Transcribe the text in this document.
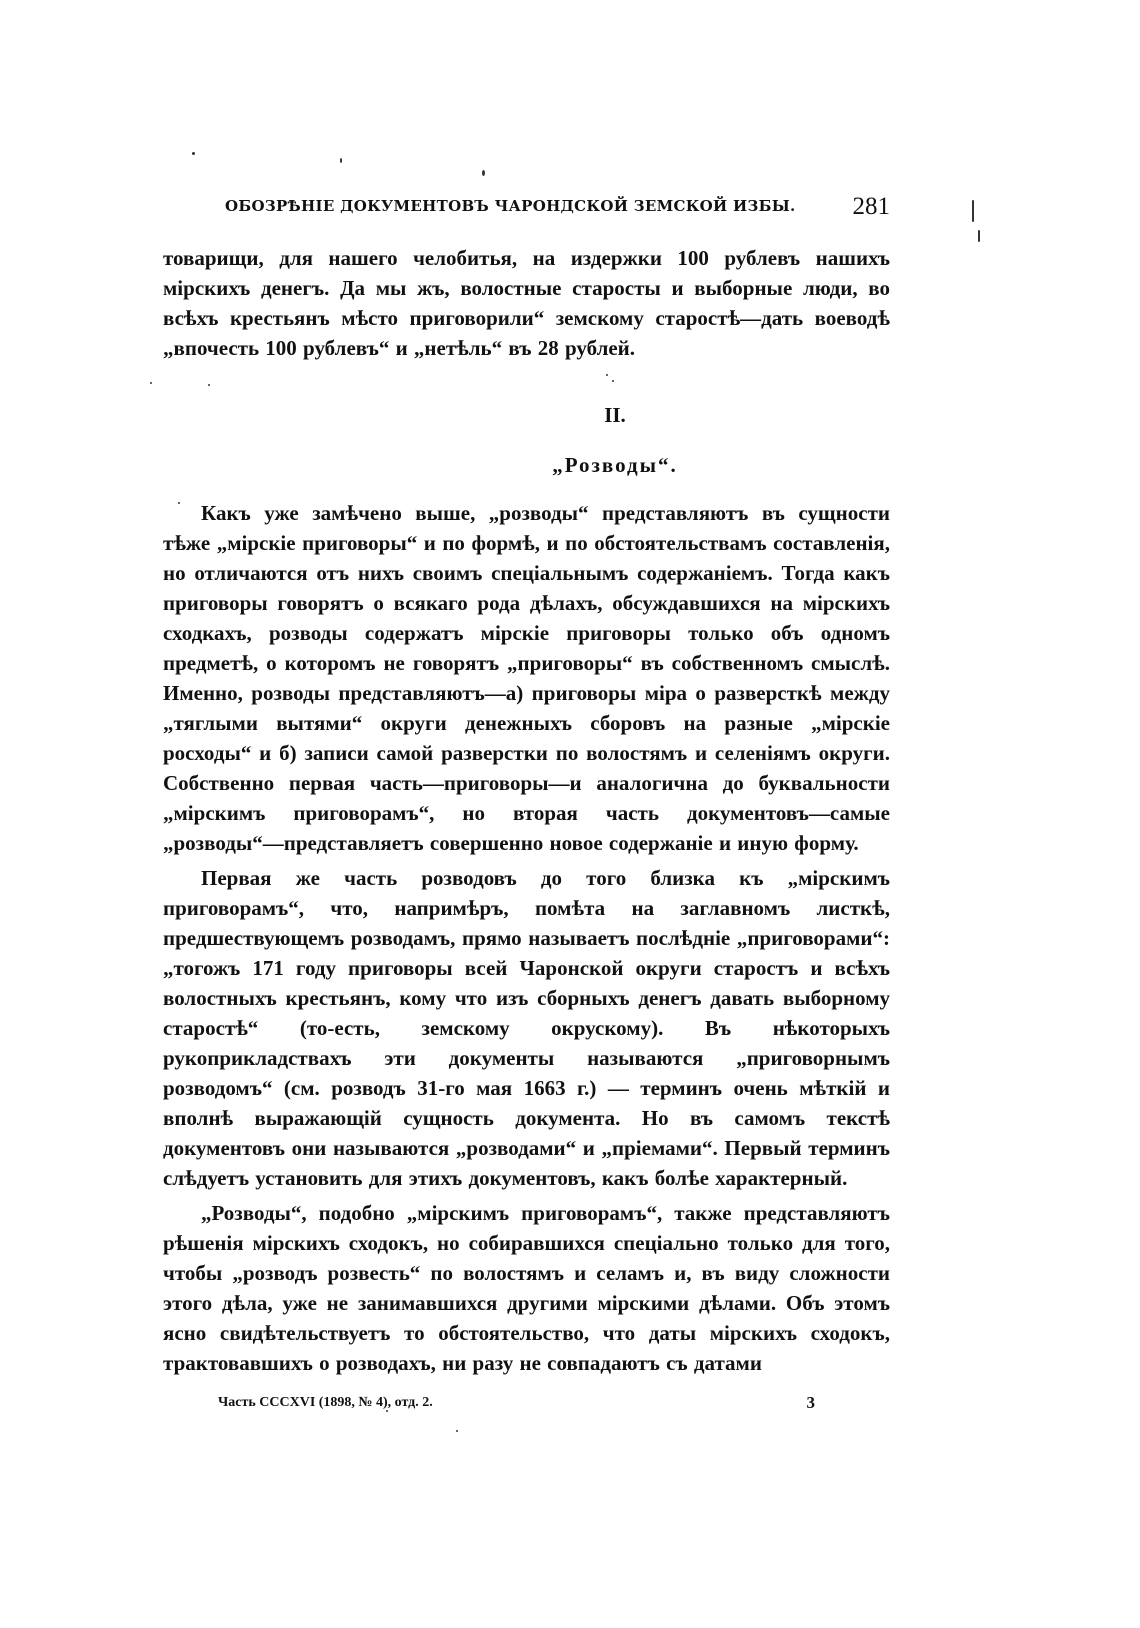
ОБОЗРѢНІЕ ДОКУМЕНТОВЪ ЧАРОНДСКОЙ ЗЕМСКОЙ ИЗБЫ. 281

товарищи, для нашего челобитья, на издержки 100 рублевъ нашихъ мірскихъ денегъ. Да мы жъ, волостные старосты и выборные люди, во всѣхъ крестьянъ мѣсто приговорили“ земскому старостѣ—дать воеводѣ „впочесть 100 рублевъ“ и „нетѣль“ въ 28 рублей.

II.
„Розводы“.

Какъ уже замѣчено выше, „розводы“ представляютъ въ сущности тѣже „мірскіе приговоры“ и по формѣ, и по обстоятельствамъ составленія, но отличаются отъ нихъ своимъ спеціальнымъ содержаніемъ. Тогда какъ приговоры говорятъ о всякаго рода дѣлахъ, обсуждавшихся на мірскихъ сходкахъ, розводы содержатъ мірскіе приговоры только объ одномъ предметѣ, о которомъ не говорятъ „приговоры“ въ собственномъ смыслѣ. Именно, розводы представляютъ—а) приговоры міра о разверсткѣ между „тяглыми вытями“ округи денежныхъ сборовъ на разные „мірскіе росходы“ и б) записи самой разверстки по волостямъ и селеніямъ округи. Собственно первая часть—приговоры—и аналогична до буквальности „мірскимъ приговорамъ“, но вторая часть документовъ—самые „розводы“—представляетъ совершенно новое содержаніе и иную форму.

Первая же часть розводовъ до того близка къ „мірскимъ приговорамъ“, что, напримѣръ, помѣта на заглавномъ листкѣ, предшествующемъ розводамъ, прямо называетъ послѣдніе „приговорами“: „тогожъ 171 году приговоры всей Чаронской округи старостъ и всѣхъ волостныхъ крестьянъ, кому что изъ сборныхъ денегъ давать выборному старостѣ“ (то-есть, земскому окрускому). Въ нѣкоторыхъ рукоприкладствахъ эти документы называются „приговорнымъ розводомъ“ (см. розводъ 31-го мая 1663 г.) — терминъ очень мѣткій и вполнѣ выражающій сущность документа. Но въ самомъ текстѣ документовъ они называются „розводами“ и „пріемами“. Первый терминъ слѣдуетъ установить для этихъ документовъ, какъ болѣе характерный.

„Розводы“, подобно „мірскимъ приговорамъ“, также представляютъ рѣшенія мірскихъ сходокъ, но собиравшихся спеціально только для того, чтобы „розводъ розвесть“ по волостямъ и селамъ и, въ виду сложности этого дѣла, уже не занимавшихся другими мірскими дѣлами. Объ этомъ ясно свидѣтельствуетъ то обстоятельство, что даты мірскихъ сходокъ, трактовавшихъ о розводахъ, ни разу не совпадаютъ съ датами

Часть CCCXVI (1898, № 4), отд. 2.	3
